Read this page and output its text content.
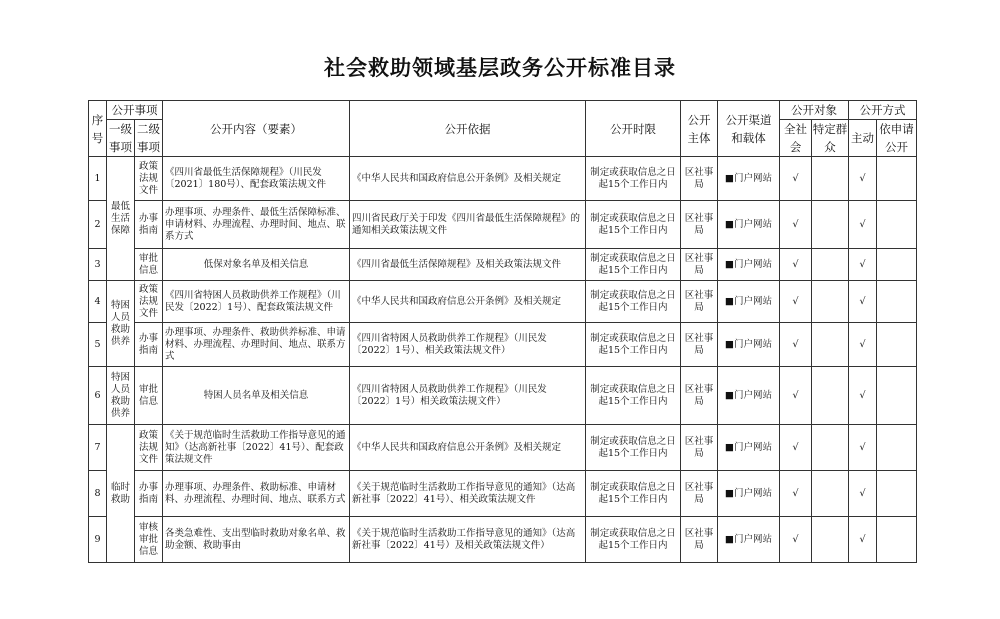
社会救助领域基层政务公开标准目录
序号	公开事项		公开内容（要素）	公开依据	公开时限	公开主体	公开渠道和载体	公开对象		公开方式	
	一级事项	二级事项						全社会	特定群众	主动	依申请公开
1	最低生活保障	政策法规文件	《四川省最低生活保障规程》（川民发〔2021〕180号）、配套政策法规文件	《中华人民共和国政府信息公开条例》及相关规定	制定或获取信息之日起15个工作日内	区社事局	■门户网站	√		√	
2		办事指南	办理事项、办理条件、最低生活保障标准、申请材料、办理流程、办理时间、地点、联系方式	四川省民政厅关于印发《四川省最低生活保障规程》的通知相关政策法规文件	制定或获取信息之日起15个工作日内	区社事局	■门户网站	√		√	
3		审批信息	低保对象名单及相关信息	《四川省最低生活保障规程》及相关政策法规文件	制定或获取信息之日起15个工作日内	区社事局	■门户网站	√		√	
4	特困人员救助供养	政策法规文件	《四川省特困人员救助供养工作规程》（川民发〔2022〕1号）、配套政策法规文件	《中华人民共和国政府信息公开条例》及相关规定	制定或获取信息之日起15个工作日内	区社事局	■门户网站	√		√	
5		办事指南	办理事项、办理条件、救助供养标准、申请材料、办理流程、办理时间、地点、联系方式	《四川省特困人员救助供养工作规程》（川民发〔2022〕1号）、相关政策法规文件）	制定或获取信息之日起15个工作日内	区社事局	■门户网站	√		√	
6	特困人员救助供养	审批信息	特困人员名单及相关信息	《四川省特困人员救助供养工作规程》（川民发〔2022〕1号）相关政策法规文件）	制定或获取信息之日起15个工作日内	区社事局	■门户网站	√		√	
7	临时救助	政策法规文件	《关于规范临时生活救助工作指导意见的通知》（达高新社事〔2022〕41号）、配套政策法规文件	《中华人民共和国政府信息公开条例》及相关规定	制定或获取信息之日起15个工作日内	区社事局	■门户网站	√		√	
8		办事指南	办理事项、办理条件、救助标准、申请材料、办理流程、办理时间、地点、联系方式	《关于规范临时生活救助工作指导意见的通知》（达高新社事〔2022〕41号）、相关政策法规文件	制定或获取信息之日起15个工作日内	区社事局	■门户网站	√		√	
9		审核审批信息	各类急难性、支出型临时救助对象名单、救助金额、救助事由	《关于规范临时生活救助工作指导意见的通知》（达高新社事〔2022〕41号）及相关政策法规文件）	制定或获取信息之日起15个工作日内	区社事局	■门户网站	√		√	
